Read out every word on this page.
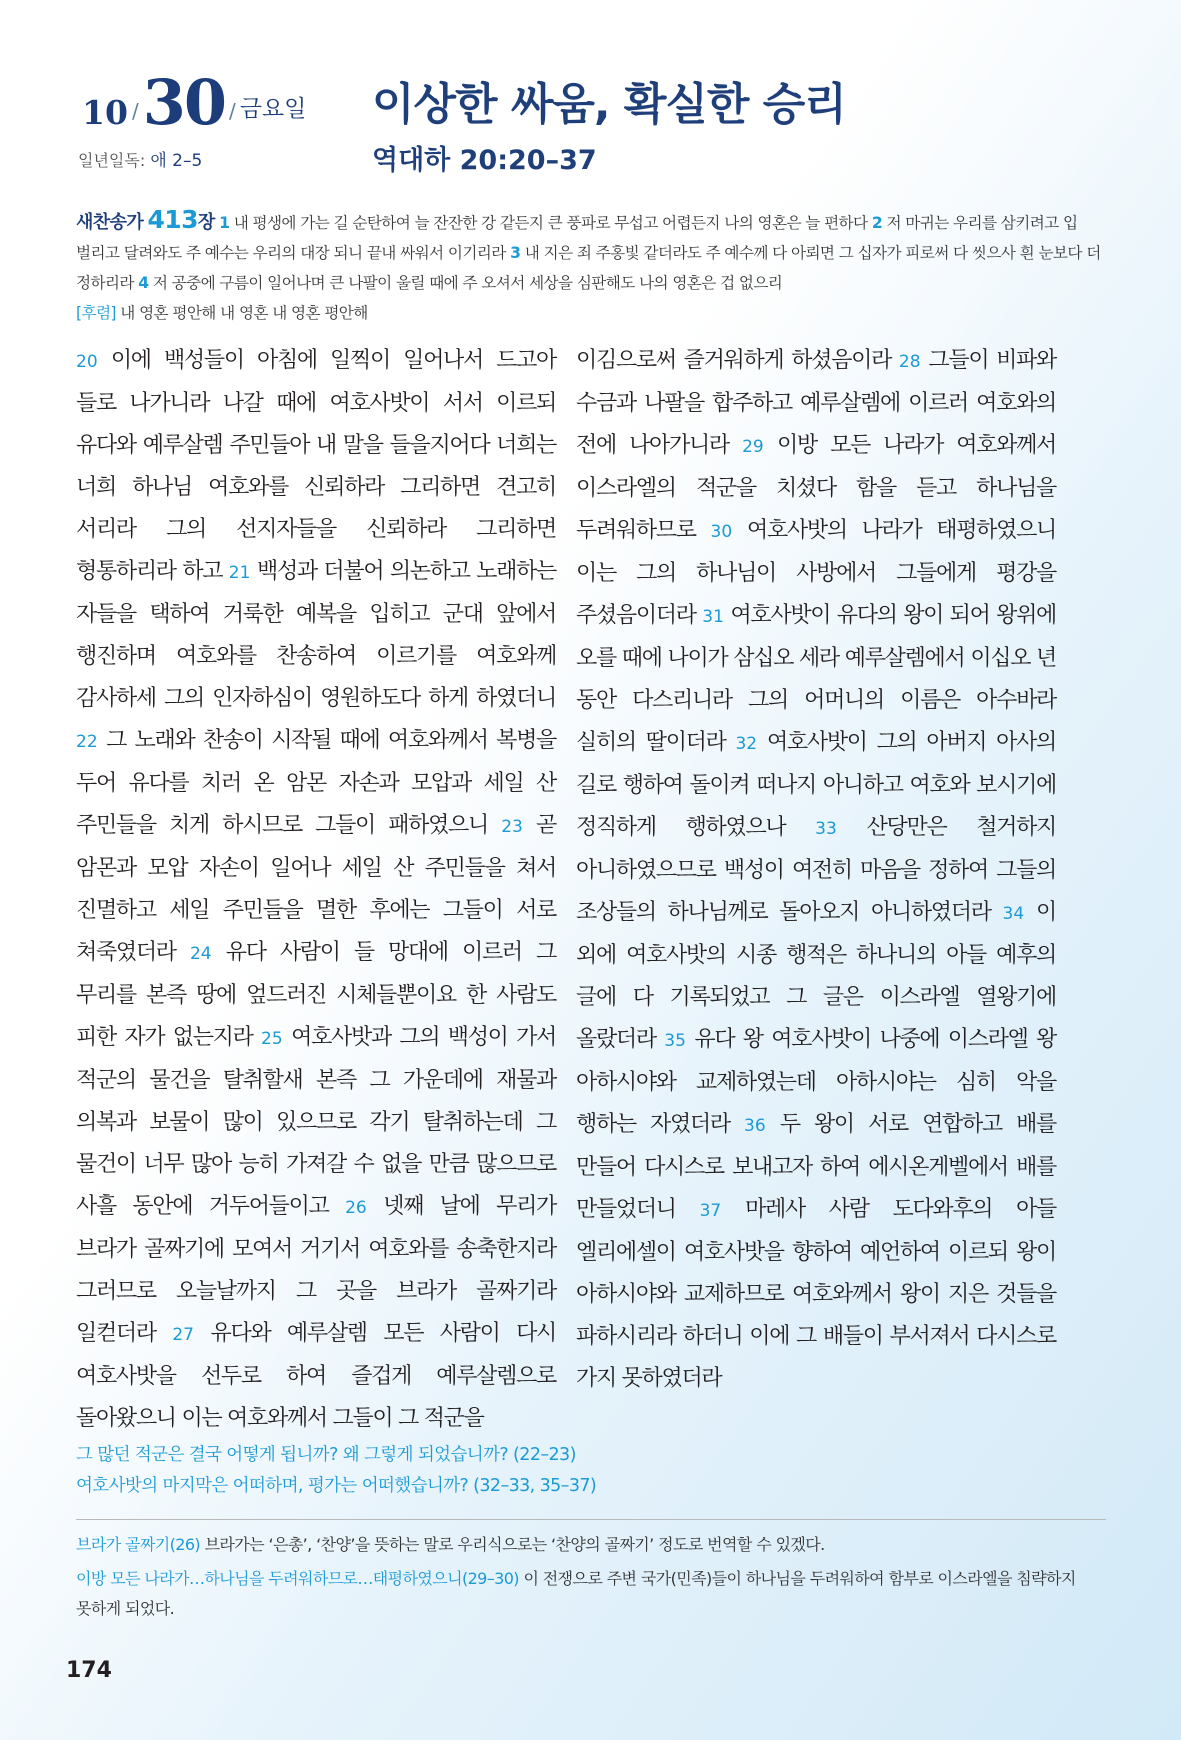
10 /30 / 금요일
일년일독: 애 2–5
이상한 싸움, 확실한 승리
역대하 20:20–37
새찬송가 413장 1 내 평생에 가는 길 순탄하여 늘 잔잔한 강 같든지 큰 풍파로 무섭고 어렵든지 나의 영혼은 늘 편하다 2 저 마귀는 우리를 삼키려고 입 벌리고 달려와도 주 예수는 우리의 대장 되니 끝내 싸워서 이기리라 3 내 지은 죄 주홍빛 같더라도 주 예수께 다 아뢰면 그 십자가 피로써 다 씻으사 흰 눈보다 더 정하리라 4 저 공중에 구름이 일어나며 큰 나팔이 울릴 때에 주 오셔서 세상을 심판해도 나의 영혼은 겁 없으리
[후렴] 내 영혼 평안해 내 영혼 내 영혼 평안해
20 이에 백성들이 아침에 일찍이 일어나서 드고아 들로 나가니라 나갈 때에 여호사밧이 서서 이르되 유다와 예루살렘 주민들아 내 말을 들을지어다 너희는 너희 하나님 여호와를 신뢰하라 그리하면 견고히 서리라 그의 선지자들을 신뢰하라 그리하면 형통하리라 하고 21 백성과 더불어 의논하고 노래하는 자들을 택하여 거룩한 예복을 입히고 군대 앞에서 행진하며 여호와를 찬송하여 이르기를 여호와께 감사하세 그의 인자하심이 영원하도다 하게 하였더니 22 그 노래와 찬송이 시작될 때에 여호와께서 복병을 두어 유다를 치러 온 암몬 자손과 모압과 세일 산 주민들을 치게 하시므로 그들이 패하였으니 23 곧 암몬과 모압 자손이 일어나 세일 산 주민들을 쳐서 진멸하고 세일 주민들을 멸한 후에는 그들이 서로 쳐죽였더라 24 유다 사람이 들 망대에 이르러 그 무리를 본즉 땅에 엎드러진 시체들뿐이요 한 사람도 피한 자가 없는지라 25 여호사밧과 그의 백성이 가서 적군의 물건을 탈취할새 본즉 그 가운데에 재물과 의복과 보물이 많이 있으므로 각기 탈취하는데 그 물건이 너무 많아 능히 가져갈 수 없을 만큼 많으므로 사흘 동안에 거두어들이고 26 넷째 날에 무리가 브라가 골짜기에 모여서 거기서 여호와를 송축한지라 그러므로 오늘날까지 그 곳을 브라가 골짜기라 일컫더라 27 유다와 예루살렘 모든 사람이 다시 여호사밧을 선두로 하여 즐겁게 예루살렘으로 돌아왔으니 이는 여호와께서 그들이 그 적군을
이김으로써 즐거워하게 하셨음이라 28 그들이 비파와 수금과 나팔을 합주하고 예루살렘에 이르러 여호와의 전에 나아가니라 29 이방 모든 나라가 여호와께서 이스라엘의 적군을 치셨다 함을 듣고 하나님을 두려워하므로 30 여호사밧의 나라가 태평하였으니 이는 그의 하나님이 사방에서 그들에게 평강을 주셨음이더라 31 여호사밧이 유다의 왕이 되어 왕위에 오를 때에 나이가 삼십오 세라 예루살렘에서 이십오 년 동안 다스리니라 그의 어머니의 이름은 아수바라 실히의 딸이더라 32 여호사밧이 그의 아버지 아사의 길로 행하여 돌이켜 떠나지 아니하고 여호와 보시기에 정직하게 행하였으나 33 산당만은 철거하지 아니하였으므로 백성이 여전히 마음을 정하여 그들의 조상들의 하나님께로 돌아오지 아니하였더라 34 이 외에 여호사밧의 시종 행적은 하나니의 아들 예후의 글에 다 기록되었고 그 글은 이스라엘 열왕기에 올랐더라 35 유다 왕 여호사밧이 나중에 이스라엘 왕 아하시야와 교제하였는데 아하시야는 심히 악을 행하는 자였더라 36 두 왕이 서로 연합하고 배를 만들어 다시스로 보내고자 하여 에시온게벨에서 배를 만들었더니 37 마레사 사람 도다와후의 아들 엘리에셀이 여호사밧을 향하여 예언하여 이르되 왕이 아하시야와 교제하므로 여호와께서 왕이 지은 것들을 파하시리라 하더니 이에 그 배들이 부서져서 다시스로 가지 못하였더라
그 많던 적군은 결국 어떻게 됩니까? 왜 그렇게 되었습니까? (22–23)
여호사밧의 마지막은 어떠하며, 평가는 어떠했습니까? (32–33, 35–37)

브라가 골짜기(26) 브라가는 ‘은총’, ‘찬양’을 뜻하는 말로 우리식으로는 ‘찬양의 골짜기’ 정도로 번역할 수 있겠다.

이방 모든 나라가…하나님을 두려워하므로…태평하였으니(29–30) 이 전쟁으로 주변 국가(민족)들이 하나님을 두려워하여 함부로 이스라엘을 침략하지 못하게 되었다.

174
